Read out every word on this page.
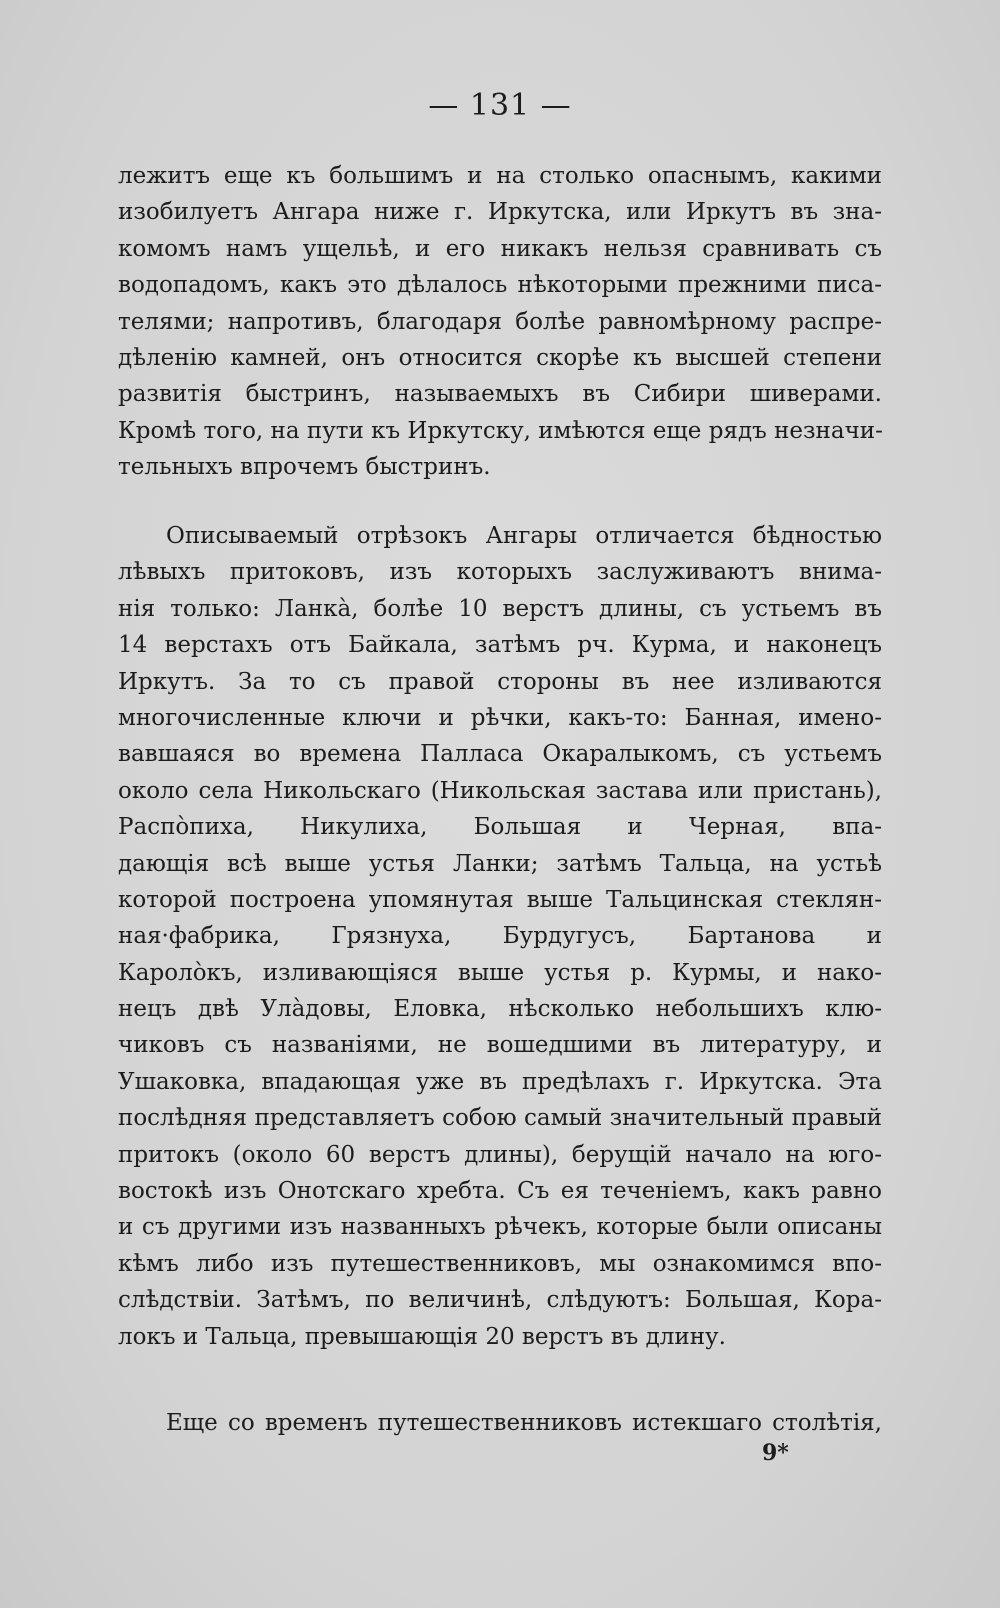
— 131 —
лежитъ еще къ большимъ и на столько опаснымъ, какими
изобилуетъ Ангара ниже г. Иркутска, или Иркутъ въ зна-
комомъ намъ ущельѣ, и его никакъ нельзя сравнивать съ
водопадомъ, какъ это дѣлалось нѣкоторыми прежними писа-
телями; напротивъ, благодаря болѣе равномѣрному распре-
дѣленію камней, онъ относится скорѣе къ высшей степени
развитія быстринъ, называемыхъ въ Сибири шиверами.
Кромѣ того, на пути къ Иркутску, имѣются еще рядъ незначи-
тельныхъ впрочемъ быстринъ.
Описываемый отрѣзокъ Ангары отличается бѣдностью
лѣвыхъ притоковъ, изъ которыхъ заслуживаютъ внима-
нія только: Ланкà, болѣе 10 верстъ длины, съ устьемъ въ
14 верстахъ отъ Байкала, затѣмъ рч. Курма, и наконецъ
Иркутъ. За то съ правой стороны въ нее изливаются
многочисленные ключи и рѣчки, какъ-то: Банная, имено-
вавшаяся во времена Палласа Окаралыкомъ, съ устьемъ
около села Никольскаго (Никольская застава или пристань),
Распòпиха, Никулиха, Большая и Черная, впа-
дающія всѣ выше устья Ланки; затѣмъ Тальца, на устьѣ
которой построена упомянутая выше Тальцинская стеклян-
ная·фабрика, Грязнуха, Бурдугусъ, Бартанова и
Каролòкъ, изливающіяся выше устья р. Курмы, и нако-
нецъ двѣ Улàдовы, Еловка, нѣсколько небольшихъ клю-
чиковъ съ названіями, не вошедшими въ литературу, и
Ушаковка, впадающая уже въ предѣлахъ г. Иркутска. Эта
послѣдняя представляетъ собою самый значительный правый
притокъ (около 60 верстъ длины), берущій начало на юго-
востокѣ изъ Онотскаго хребта. Съ ея теченіемъ, какъ равно
и съ другими изъ названныхъ рѣчекъ, которые были описаны
кѣмъ либо изъ путешественниковъ, мы ознакомимся впо-
слѣдствіи. Затѣмъ, по величинѣ, слѣдуютъ: Большая, Кора-
локъ и Тальца, превышающія 20 верстъ въ длину.
Еще со временъ путешественниковъ истекшаго столѣтія,
9*
